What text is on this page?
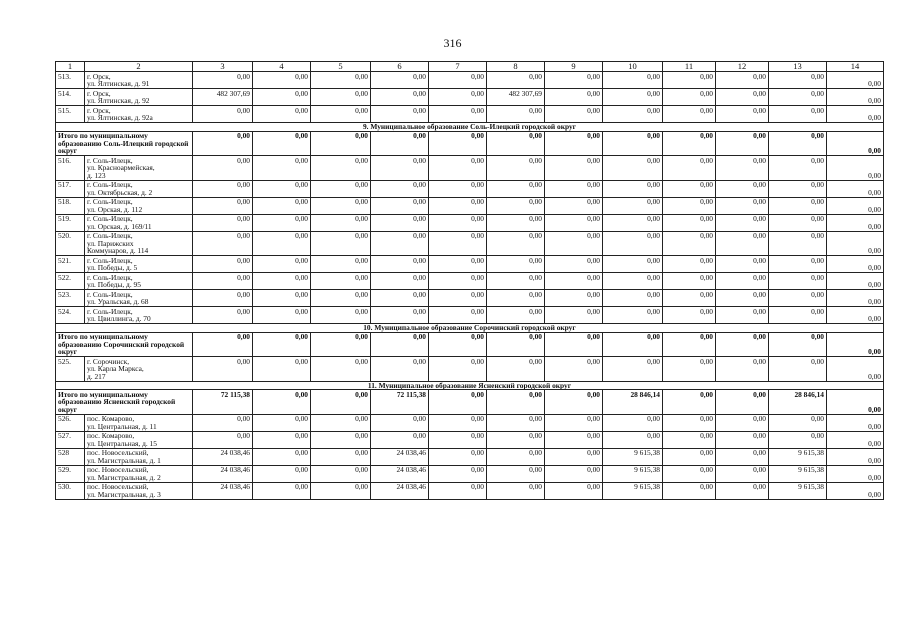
316
1	2	3	4	5	6	7	8	9	10	11	12	13	14
513.	г. Орск,
ул. Ялтинская, д. 91	0,00	0,00	0,00	0,00	0,00	0,00	0,00	0,00	0,00	0,00	0,00	0,00
514.	г. Орск,
ул. Ялтинская, д. 92	482 307,69	0,00	0,00	0,00	0,00	482 307,69	0,00	0,00	0,00	0,00	0,00	0,00
515.	г. Орск,
ул. Ялтинская, д. 92а	0,00	0,00	0,00	0,00	0,00	0,00	0,00	0,00	0,00	0,00	0,00	0,00
9. Муниципальное образование Соль-Илецкий городской округ													
Итого по муниципальному образованию Соль-Илецкий городской округ		0,00	0,00	0,00	0,00	0,00	0,00	0,00	0,00	0,00	0,00	0,00	0,00
516.	г. Соль-Илецк,
ул. Красноармейская,
д. 123	0,00	0,00	0,00	0,00	0,00	0,00	0,00	0,00	0,00	0,00	0,00	0,00
517.	г. Соль-Илецк,
ул. Октябрьская, д. 2	0,00	0,00	0,00	0,00	0,00	0,00	0,00	0,00	0,00	0,00	0,00	0,00
518.	г. Соль-Илецк,
ул. Орская, д. 112	0,00	0,00	0,00	0,00	0,00	0,00	0,00	0,00	0,00	0,00	0,00	0,00
519.	г. Соль-Илецк,
ул. Орская, д. 169/11	0,00	0,00	0,00	0,00	0,00	0,00	0,00	0,00	0,00	0,00	0,00	0,00
520.	г. Соль-Илецк,
ул. Парижских
Коммунаров, д. 114	0,00	0,00	0,00	0,00	0,00	0,00	0,00	0,00	0,00	0,00	0,00	0,00
521.	г. Соль-Илецк,
ул. Победы, д. 5	0,00	0,00	0,00	0,00	0,00	0,00	0,00	0,00	0,00	0,00	0,00	0,00
522.	г. Соль-Илецк,
ул. Победы, д. 95	0,00	0,00	0,00	0,00	0,00	0,00	0,00	0,00	0,00	0,00	0,00	0,00
523.	г. Соль-Илецк,
ул. Уральская, д. 68	0,00	0,00	0,00	0,00	0,00	0,00	0,00	0,00	0,00	0,00	0,00	0,00
524.	г. Соль-Илецк,
ул. Цвиллинга, д. 70	0,00	0,00	0,00	0,00	0,00	0,00	0,00	0,00	0,00	0,00	0,00	0,00
10. Муниципальное образование Сорочинский городской округ													
Итого по муниципальному образованию Сорочинский городской округ		0,00	0,00	0,00	0,00	0,00	0,00	0,00	0,00	0,00	0,00	0,00	0,00
525.	г. Сорочинск,
ул. Карла Маркса,
д. 217	0,00	0,00	0,00	0,00	0,00	0,00	0,00	0,00	0,00	0,00	0,00	0,00
11. Муниципальное образование Ясненский городской округ													
Итого по муниципальному образованию Ясненский городской округ		72 115,38	0,00	0,00	72 115,38	0,00	0,00	0,00	28 846,14	0,00	0,00	28 846,14	0,00
526.	пос. Комарово,
ул. Центральная, д. 11	0,00	0,00	0,00	0,00	0,00	0,00	0,00	0,00	0,00	0,00	0,00	0,00
527.	пос. Комарово,
ул. Центральная, д. 15	0,00	0,00	0,00	0,00	0,00	0,00	0,00	0,00	0,00	0,00	0,00	0,00
528	пос. Новосельский,
ул. Магистральная, д. 1	24 038,46	0,00	0,00	24 038,46	0,00	0,00	0,00	9 615,38	0,00	0,00	9 615,38	0,00
529.	пос. Новосельский,
ул. Магистральная, д. 2	24 038,46	0,00	0,00	24 038,46	0,00	0,00	0,00	9 615,38	0,00	0,00	9 615,38	0,00
530.	пос. Новосельский,
ул. Магистральная, д. 3	24 038,46	0,00	0,00	24 038,46	0,00	0,00	0,00	9 615,38	0,00	0,00	9 615,38	0,00
